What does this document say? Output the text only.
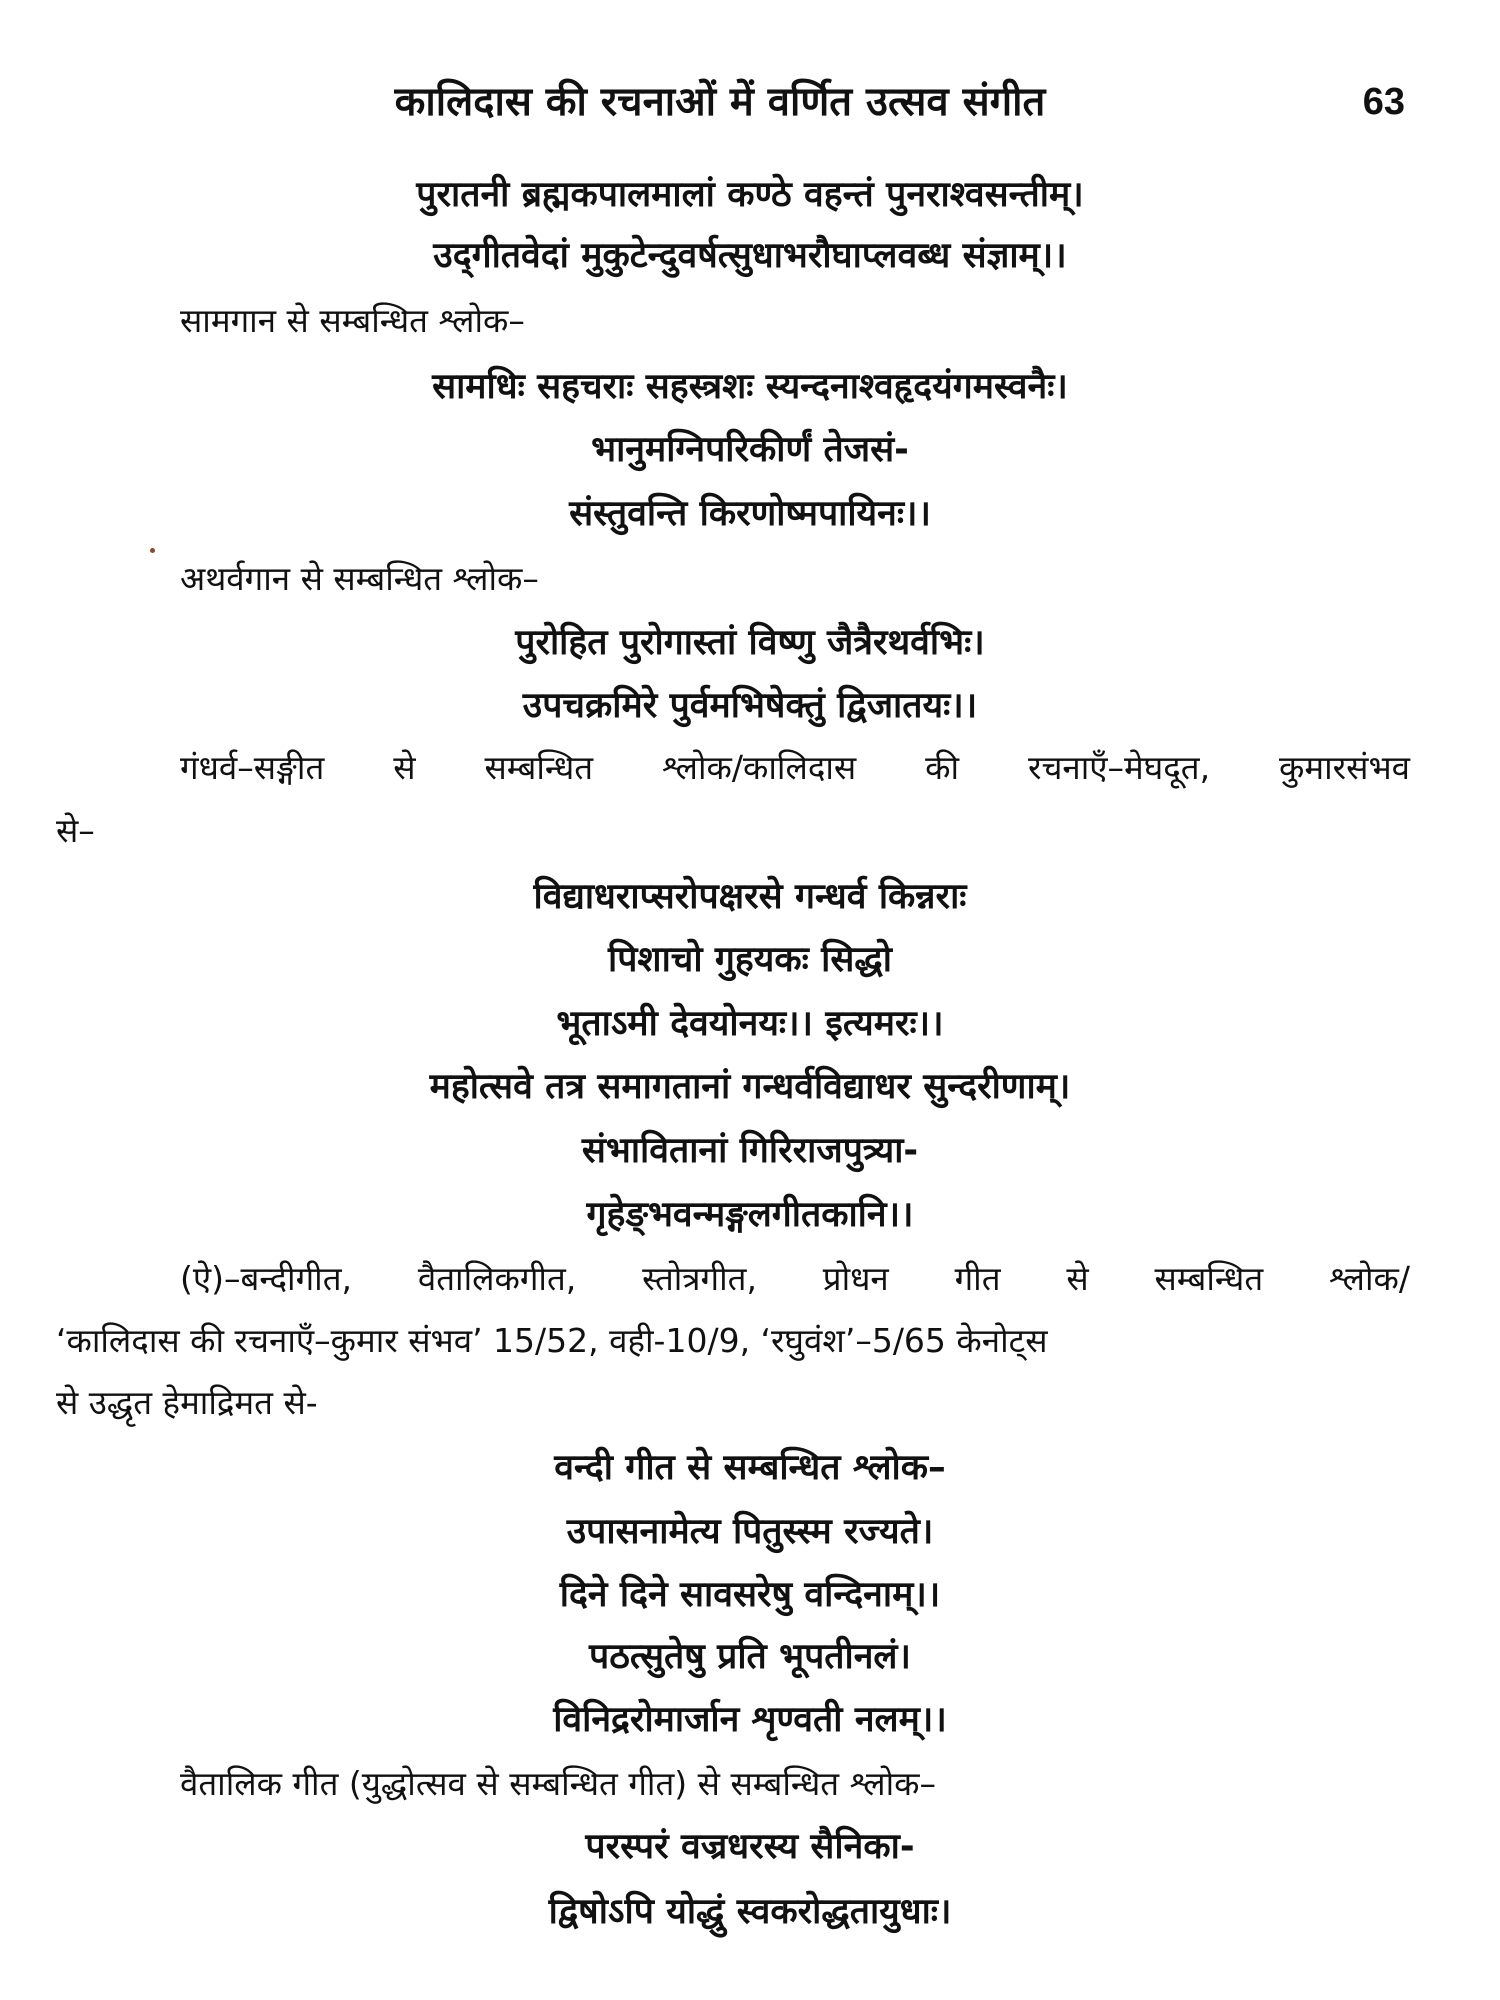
कालिदास की रचनाओं में वर्णित उत्सव संगीत	63
पुरातनी ब्रह्मकपालमालां कण्ठे वहन्तं पुनराश्वसन्तीम्।
उद्‌गीतवेदां मुकुटेन्दुवर्षत्सुधाभरौघाप्लवब्ध संज्ञाम्।।
सामगान से सम्बन्धित श्लोक–
सामधिः सहचराः सहस्त्रशः स्यन्दनाश्वहृदयंगमस्वनैः।
भानुमग्निपरिकीर्णं तेजसं-
संस्तुवन्ति किरणोष्मपायिनः।।
अथर्वगान से सम्बन्धित श्लोक–
पुरोहित पुरोगास्तां विष्णु जैत्रैरथर्वभिः।
उपचक्रमिरे पुर्वमभिषेक्तुं द्विजातयः।।
गंधर्व–सङ्गीत से सम्बन्धित श्लोक/कालिदास की रचनाएँ–मेघदूत, कुमारसंभव
से–
विद्याधराप्सरोपक्षरसे गन्धर्व किन्नराः
पिशाचो गुहयकः सिद्धो
भूताऽमी देवयोनयः।। इत्यमरः।।
महोत्सवे तत्र समागतानां गन्धर्वविद्याधर सुन्दरीणाम्।
संभावितानां गिरिराजपुत्र्या-
गृहेङ्भवन्मङ्गलगीतकानि।।
(ऐ)–बन्दीगीत, वैतालिकगीत, स्तोत्रगीत, प्रोधन गीत से सम्बन्धित श्लोक/
‘कालिदास की रचनाएँ–कुमार संभव’ 15/52, वही-10/9, ‘रघुवंश’–5/65 केनोट्स
से उद्धृत हेमाद्रिमत से-
वन्दी गीत से सम्बन्धित श्लोक–
उपासनामेत्य पितुस्स्म रज्यते।
दिने दिने सावसरेषु वन्दिनाम्।।
पठत्सुतेषु प्रति भूपतीनलं।
विनिद्ररोमार्जान शृण्वती नलम्।।
वैतालिक गीत (युद्धोत्सव से सम्बन्धित गीत) से सम्बन्धित श्लोक–
परस्परं वज्रधरस्य सैनिका-
द्विषोऽपि योद्धुं स्वकरोद्धतायुधाः।
